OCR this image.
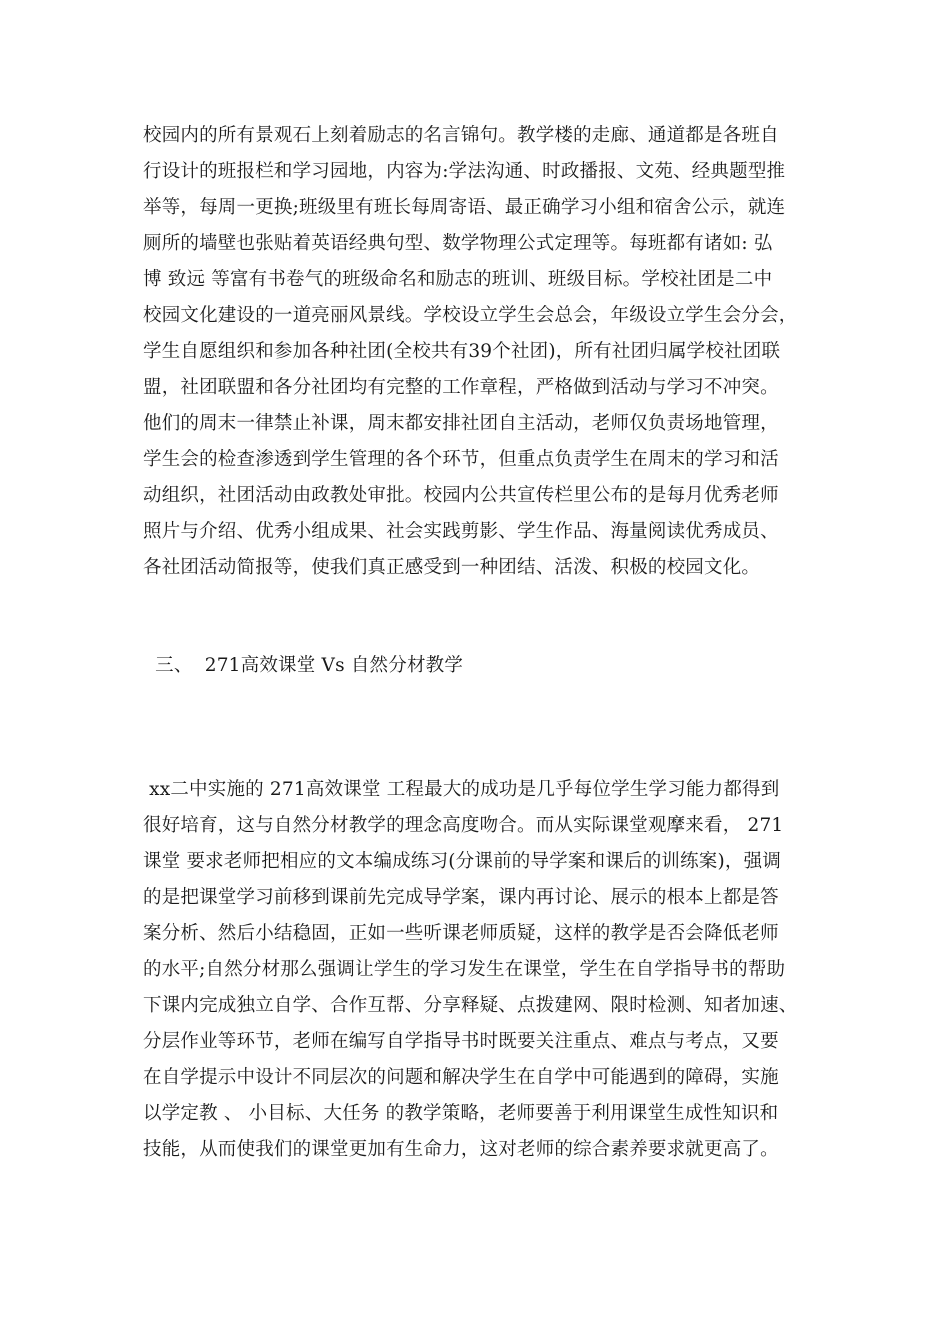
校园内的所有景观石上刻着励志的名言锦句。教学楼的走廊、通道都是各班自
行设计的班报栏和学习园地，内容为:学法沟通、时政播报、文苑、经典题型推
举等，每周一更换;班级里有班长每周寄语、最正确学习小组和宿舍公示，就连
厕所的墙壁也张贴着英语经典句型、数学物理公式定理等。每班都有诸如: 弘
博 致远 等富有书卷气的班级命名和励志的班训、班级目标。学校社团是二中
校园文化建设的一道亮丽风景线。学校设立学生会总会，年级设立学生会分会，
学生自愿组织和参加各种社团(全校共有39个社团)，所有社团归属学校社团联
盟，社团联盟和各分社团均有完整的工作章程，严格做到活动与学习不冲突。
他们的周末一律禁止补课，周末都安排社团自主活动，老师仅负责场地管理，
学生会的检查渗透到学生管理的各个环节，但重点负责学生在周末的学习和活
动组织，社团活动由政教处审批。校园内公共宣传栏里公布的是每月优秀老师
照片与介绍、优秀小组成果、社会实践剪影、学生作品、海量阅读优秀成员、
各社团活动简报等，使我们真正感受到一种团结、活泼、积极的校园文化。
三、  271高效课堂 Vs 自然分材教学
xx二中实施的 271高效课堂 工程最大的成功是几乎每位学生学习能力都得到
很好培育，这与自然分材教学的理念高度吻合。而从实际课堂观摩来看， 271
课堂 要求老师把相应的文本编成练习(分课前的导学案和课后的训练案)，强调
的是把课堂学习前移到课前先完成导学案，课内再讨论、展示的根本上都是答
案分析、然后小结稳固，正如一些听课老师质疑，这样的教学是否会降低老师
的水平;自然分材那么强调让学生的学习发生在课堂，学生在自学指导书的帮助
下课内完成独立自学、合作互帮、分享释疑、点拨建网、限时检测、知者加速、
分层作业等环节，老师在编写自学指导书时既要关注重点、难点与考点，又要
在自学提示中设计不同层次的问题和解决学生在自学中可能遇到的障碍，实施
以学定教 、 小目标、大任务 的教学策略，老师要善于利用课堂生成性知识和
技能，从而使我们的课堂更加有生命力，这对老师的综合素养要求就更高了。
